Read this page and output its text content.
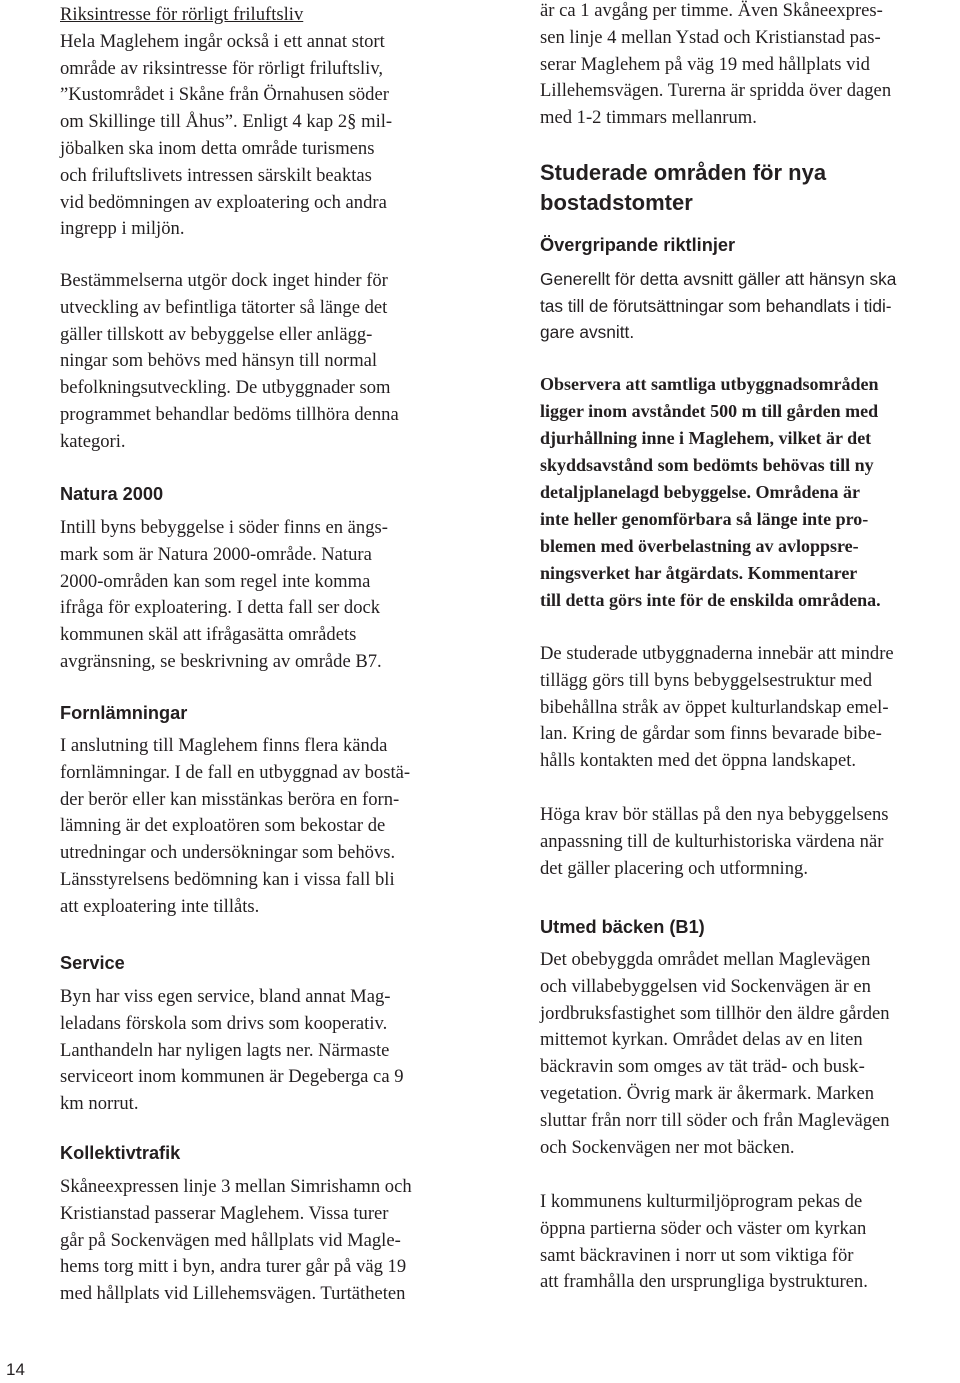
Riksintresse för rörligt friluftsliv

Hela Maglehem ingår också i ett annat stort
område av riksintresse för rörligt friluftsliv,
”Kustområdet i Skåne från Örnahusen söder
om Skillinge till Åhus”. Enligt 4 kap 2§ mil-
jöbalken ska inom detta område turismens
och friluftslivets intressen särskilt beaktas
vid bedömningen av exploatering och andra
ingrepp i miljön.

Bestämmelserna utgör dock inget hinder för
utveckling av befintliga tätorter så länge det
gäller tillskott av bebyggelse eller anlägg-
ningar som behövs med hänsyn till normal
befolkningsutveckling. De utbyggnader som
programmet behandlar bedöms tillhöra denna
kategori.

Natura 2000

Intill byns bebyggelse i söder finns en ängs-
mark som är Natura 2000-område. Natura
2000-områden kan som regel inte komma
ifråga för exploatering. I detta fall ser dock
kommunen skäl att ifrågasätta områdets
avgränsning, se beskrivning av område B7.

Fornlämningar

I anslutning till Maglehem finns flera kända
fornlämningar. I de fall en utbyggnad av bostä-
der berör eller kan misstänkas beröra en forn-
lämning är det exploatören som bekostar de
utredningar och undersökningar som behövs.
Länsstyrelsens bedömning kan i vissa fall bli
att exploatering inte tillåts.

Service

Byn har viss egen service, bland annat Mag-
leladans förskola som drivs som kooperativ.
Lanthandeln har nyligen lagts ner. Närmaste
serviceort inom kommunen är Degeberga ca 9
km norrut.

Kollektivtrafik

Skåneexpressen linje 3 mellan Simrishamn och
Kristianstad passerar Maglehem. Vissa turer
går på Sockenvägen med hållplats vid Magle-
hems torg mitt i byn, andra turer går på väg 19
med hållplats vid Lillehemsvägen. Turtätheten

är ca 1 avgång per timme. Även Skåneexpres-
sen linje 4 mellan Ystad och Kristianstad pas-
serar Maglehem på väg 19 med hållplats vid
Lillehemsvägen. Turerna är spridda över dagen
med 1-2 timmars mellanrum.

Studerade områden för nya
bostadstomter
Övergripande riktlinjer

Generellt för detta avsnitt gäller att hänsyn ska
tas till de förutsättningar som behandlats i tidi-
gare avsnitt.

Observera att samtliga utbyggnadsområden
ligger inom avståndet 500 m till gården med
djurhållning inne i Maglehem, vilket är det
skyddsavstånd som bedömts behövas till ny
detaljplanelagd bebyggelse. Områdena är
inte heller genomförbara så länge inte pro-
blemen med överbelastning av avloppsre-
ningsverket har åtgärdats. Kommentarer
till detta görs inte för de enskilda områdena.

De studerade utbyggnaderna innebär att mindre
tillägg görs till byns bebyggelsestruktur med
bibehållna stråk av öppet kulturlandskap emel-
lan. Kring de gårdar som finns bevarade bibe-
hålls kontakten med det öppna landskapet.

Höga krav bör ställas på den nya bebyggelsens
anpassning till de kulturhistoriska värdena när
det gäller placering och utformning.

Utmed bäcken (B1)

Det obebyggda området mellan Maglevägen
och villabebyggelsen vid Sockenvägen är en
jordbruksfastighet som tillhör den äldre gården
mittemot kyrkan. Området delas av en liten
bäckravin som omges av tät träd- och busk-
vegetation. Övrig mark är åkermark. Marken
sluttar från norr till söder och från Maglevägen
och Sockenvägen ner mot bäcken.

I kommunens kulturmiljöprogram pekas de
öppna partierna söder och väster om kyrkan
samt bäckravinen i norr ut som viktiga för
att framhålla den ursprungliga bystrukturen.

14
